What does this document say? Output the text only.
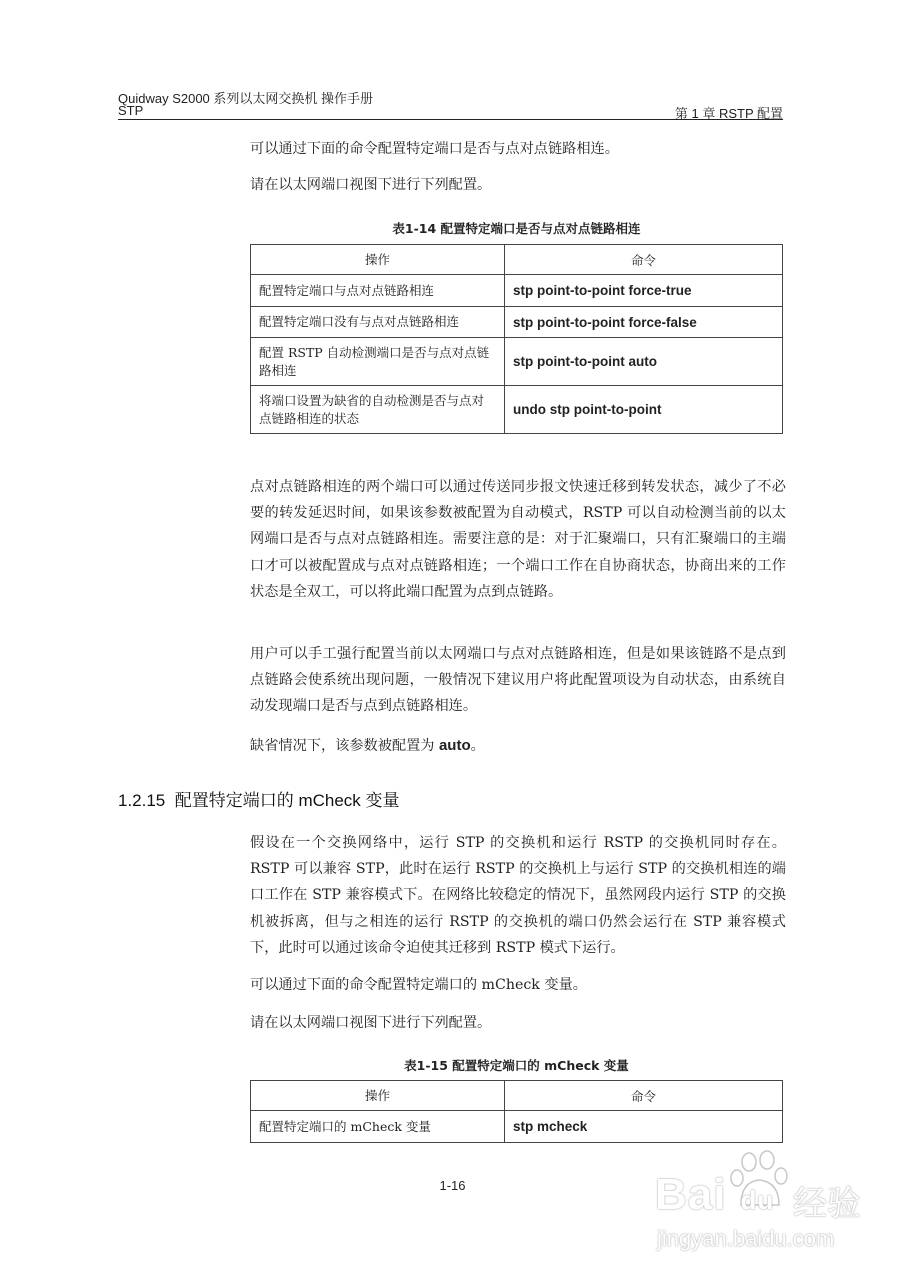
Quidway S2000 系列以太网交换机 操作手册
STP	第 1 章 RSTP 配置
可以通过下面的命令配置特定端口是否与点对点链路相连。
请在以太网端口视图下进行下列配置。
表1-14 配置特定端口是否与点对点链路相连
操作	命令
配置特定端口与点对点链路相连	stp point-to-point force-true
配置特定端口没有与点对点链路相连	stp point-to-point force-false
配置 RSTP 自动检测端口是否与点对点链路相连	stp point-to-point auto
将端口设置为缺省的自动检测是否与点对点链路相连的状态	undo stp point-to-point
点对点链路相连的两个端口可以通过传送同步报文快速迁移到转发状态，减少了不必要的转发延迟时间，如果该参数被配置为自动模式，RSTP 可以自动检测当前的以太网端口是否与点对点链路相连。需要注意的是：对于汇聚端口，只有汇聚端口的主端口才可以被配置成与点对点链路相连；一个端口工作在自协商状态，协商出来的工作状态是全双工，可以将此端口配置为点到点链路。
用户可以手工强行配置当前以太网端口与点对点链路相连，但是如果该链路不是点到点链路会使系统出现问题，一般情况下建议用户将此配置项设为自动状态，由系统自动发现端口是否与点到点链路相连。
缺省情况下，该参数被配置为 auto。
1.2.15 配置特定端口的 mCheck 变量
假设在一个交换网络中，运行 STP 的交换机和运行 RSTP 的交换机同时存在。RSTP 可以兼容 STP，此时在运行 RSTP 的交换机上与运行 STP 的交换机相连的端口工作在 STP 兼容模式下。在网络比较稳定的情况下，虽然网段内运行 STP 的交换机被拆离，但与之相连的运行 RSTP 的交换机的端口仍然会运行在 STP 兼容模式下，此时可以通过该命令迫使其迁移到 RSTP 模式下运行。
可以通过下面的命令配置特定端口的 mCheck 变量。
请在以太网端口视图下进行下列配置。
表1-15 配置特定端口的 mCheck 变量
操作	命令
配置特定端口的 mCheck 变量	stp mcheck
1-16	Bai du 经验
jingyan.baidu.com
